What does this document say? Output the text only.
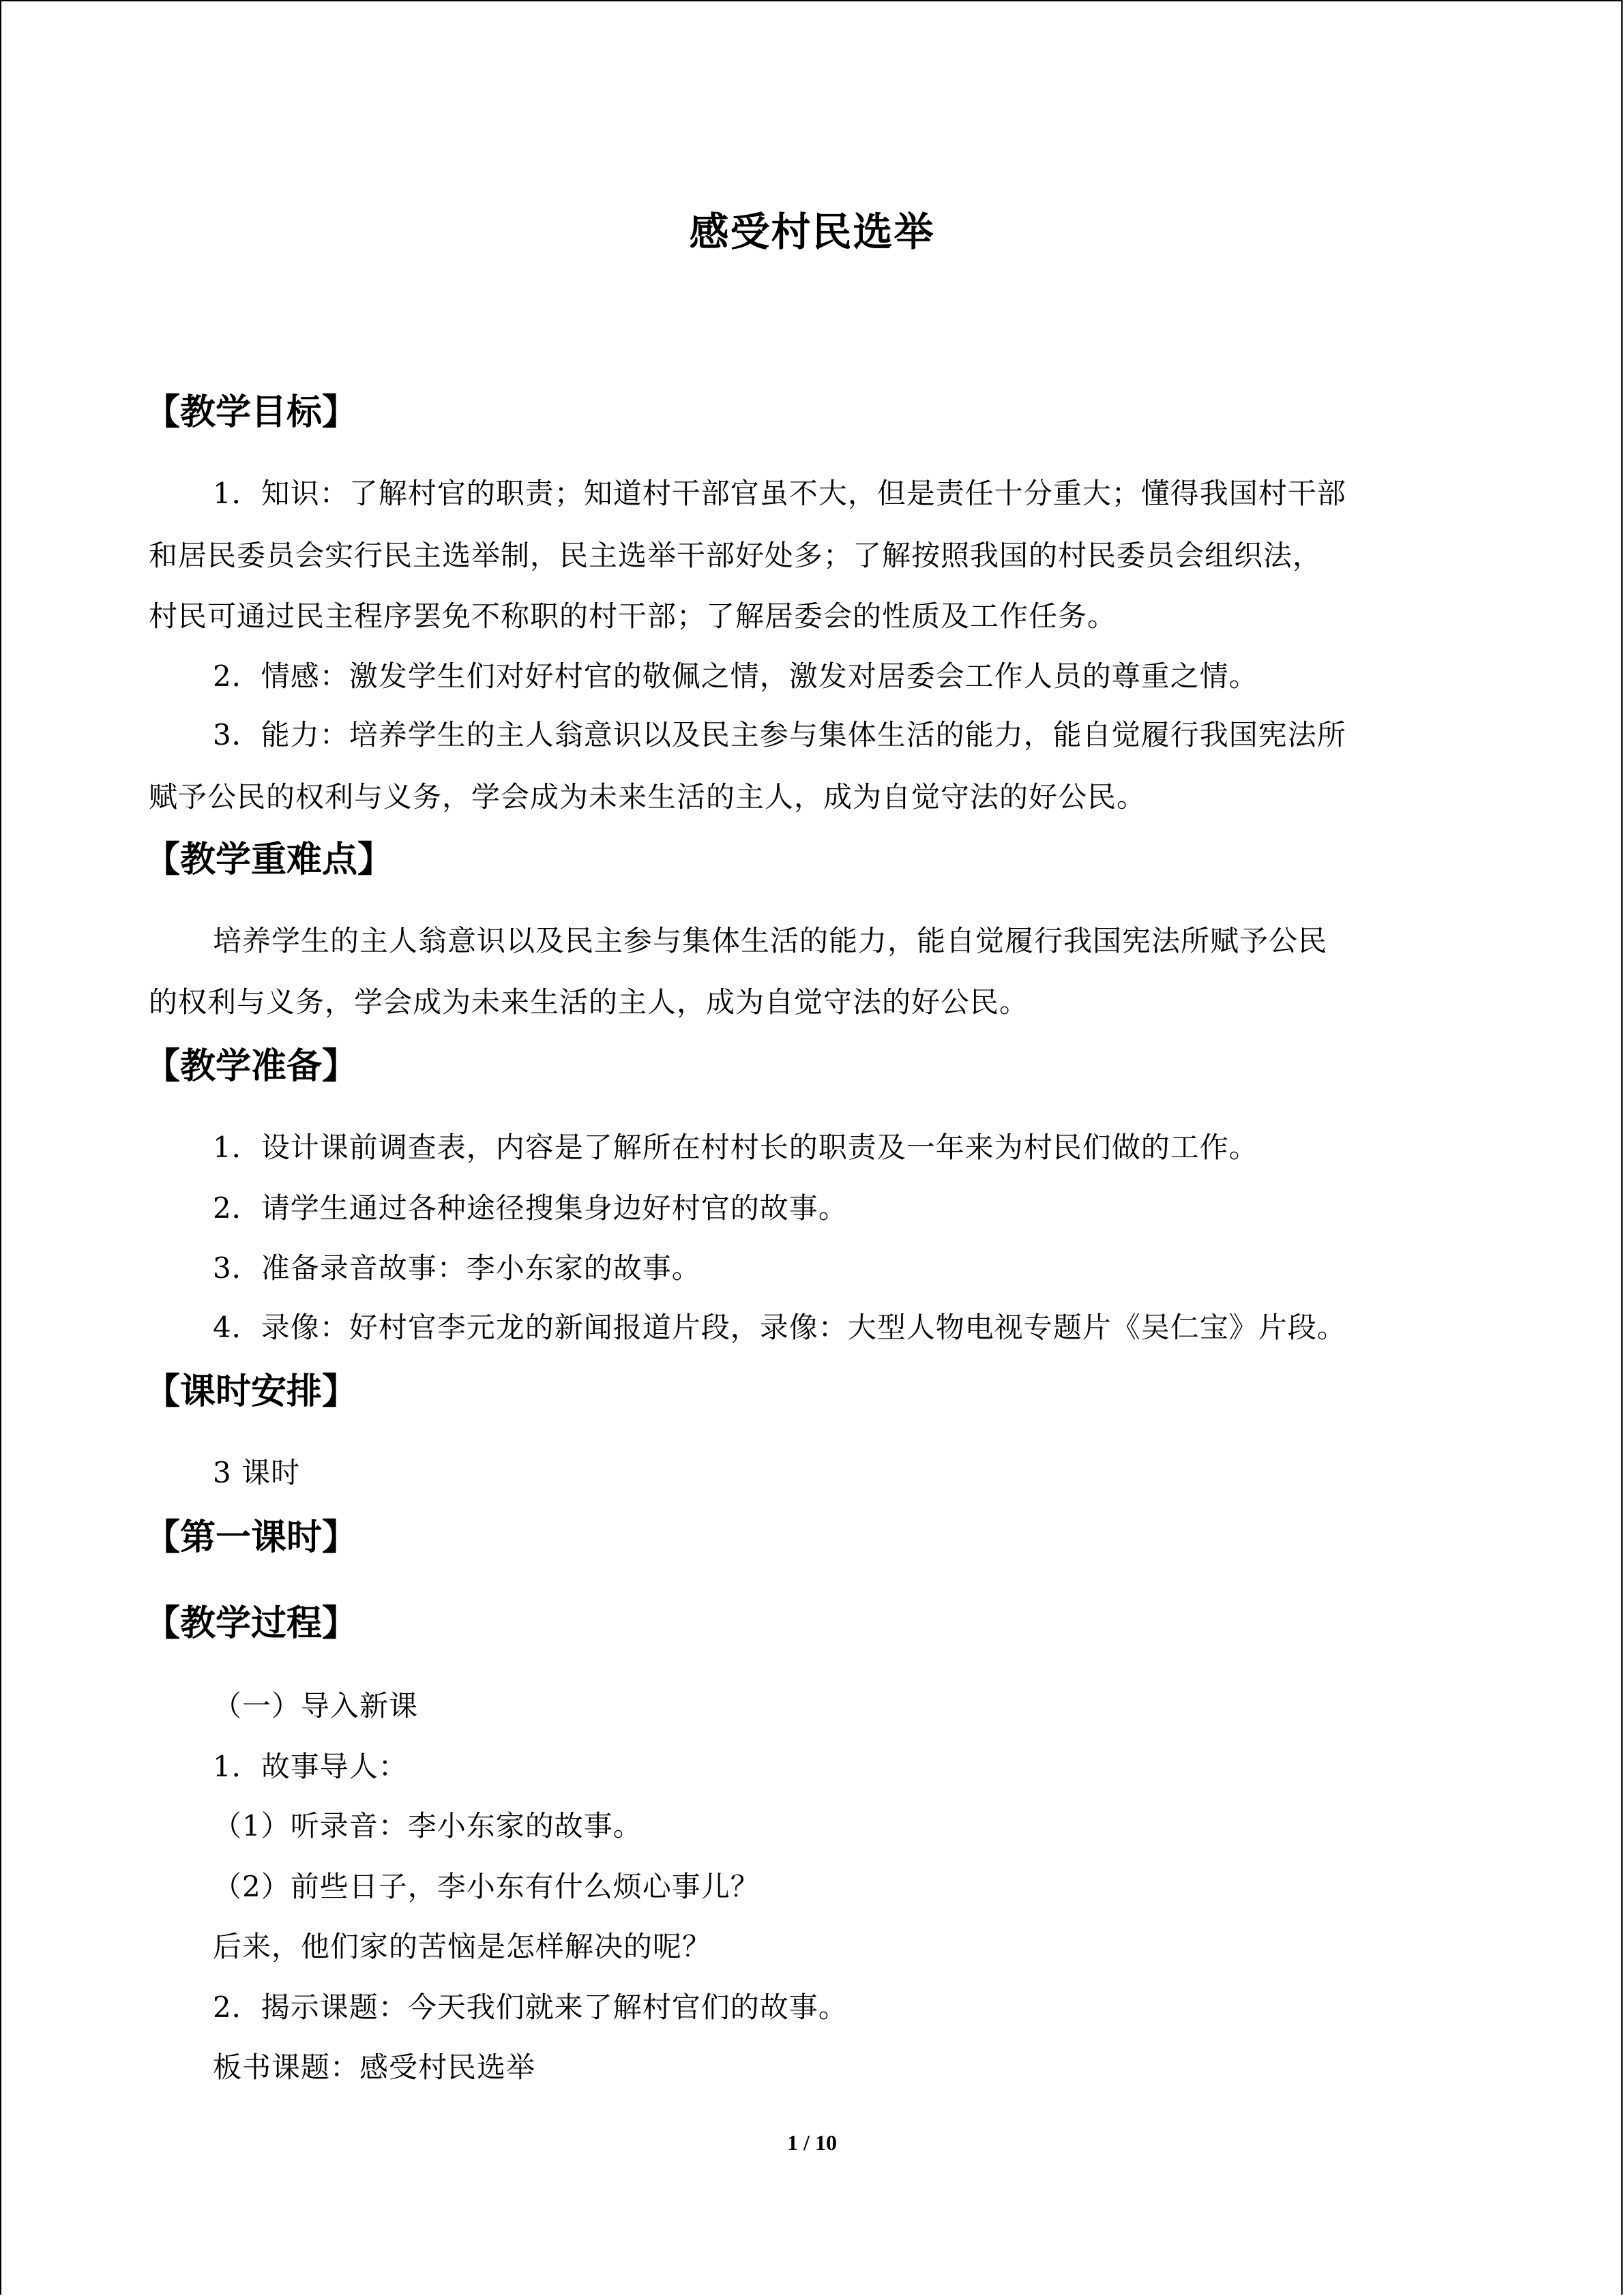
感受村民选举
【教学目标】
1．知识：了解村官的职责；知道村干部官虽不大，但是责任十分重大；懂得我国村干部
和居民委员会实行民主选举制，民主选举干部好处多；了解按照我国的村民委员会组织法，
村民可通过民主程序罢免不称职的村干部；了解居委会的性质及工作任务。
2．情感：激发学生们对好村官的敬佩之情，激发对居委会工作人员的尊重之情。
3．能力：培养学生的主人翁意识以及民主参与集体生活的能力，能自觉履行我国宪法所
赋予公民的权利与义务，学会成为未来生活的主人，成为自觉守法的好公民。
【教学重难点】
培养学生的主人翁意识以及民主参与集体生活的能力，能自觉履行我国宪法所赋予公民
的权利与义务，学会成为未来生活的主人，成为自觉守法的好公民。
【教学准备】
1．设计课前调查表，内容是了解所在村村长的职责及一年来为村民们做的工作。
2．请学生通过各种途径搜集身边好村官的故事。
3．准备录音故事：李小东家的故事。
4．录像：好村官李元龙的新闻报道片段，录像：大型人物电视专题片《吴仁宝》片段。
【课时安排】
3 课时
【第一课时】
【教学过程】
（一）导入新课
1．故事导人：
（1）听录音：李小东家的故事。
（2）前些日子，李小东有什么烦心事儿？
后来，他们家的苦恼是怎样解决的呢？
2．揭示课题：今天我们就来了解村官们的故事。
板书课题：感受村民选举
1 / 10
